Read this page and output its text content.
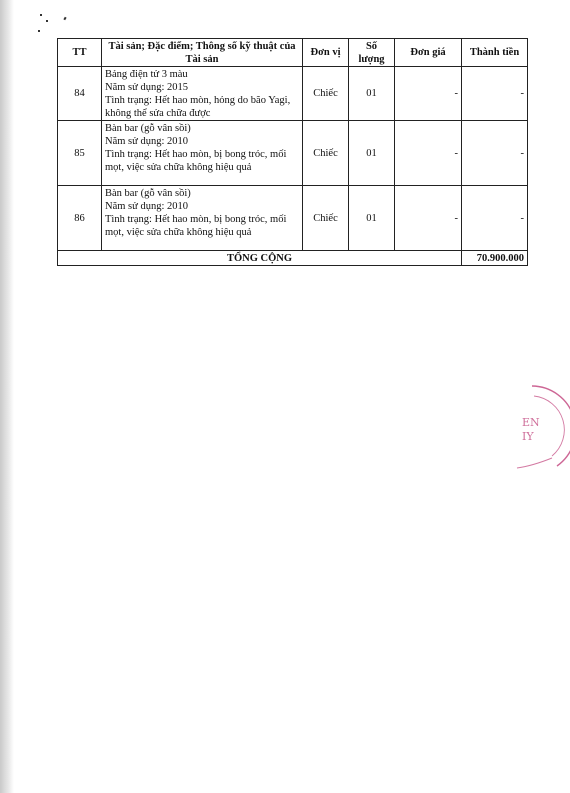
TT	Tài sản; Đặc điểm; Thông số kỹ thuật của Tài sản	Đơn vị	Số lượng	Đơn giá	Thành tiền
84	Bảng điện tử 3 màu
Năm sử dụng: 2015
Tình trạng: Hết hao mòn, hỏng do bão Yagi,
không thể sửa chữa được	Chiếc	01	-	-
85	Bàn bar (gỗ vân sồi)
Năm sử dụng: 2010
Tình trạng: Hết hao mòn, bị bong tróc, mối
mọt, việc sửa chữa không hiệu quả	Chiếc	01	-	-
86	Bàn bar (gỗ vân sồi)
Năm sử dụng: 2010
Tình trạng: Hết hao mòn, bị bong tróc, mối
mọt, việc sửa chữa không hiệu quả	Chiếc	01	-	-
TỔNG CỘNG					70.900.000
EN
IY
